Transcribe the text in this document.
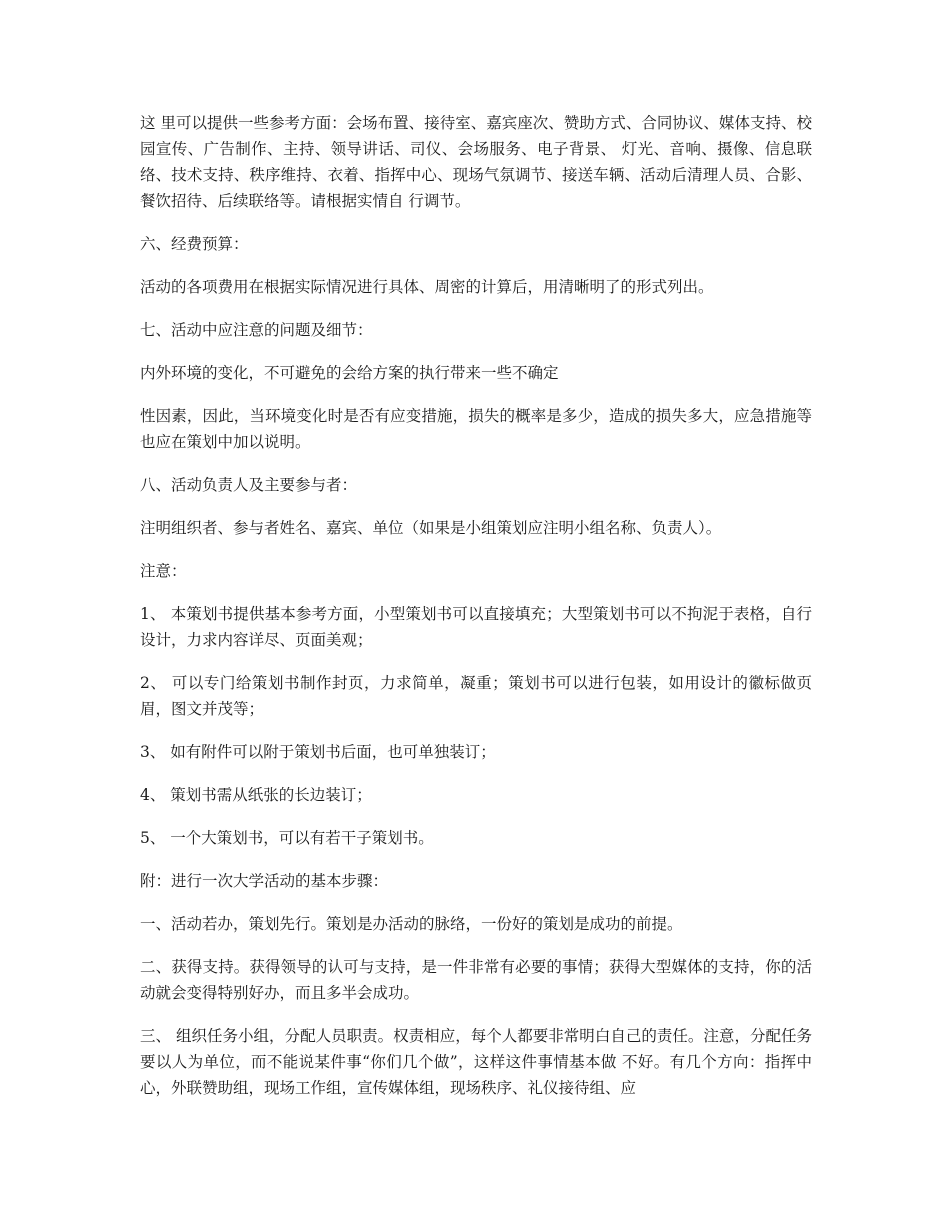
这 里可以提供一些参考方面：会场布置、接待室、嘉宾座次、赞助方式、合同协议、媒体支持、校园宣传、广告制作、主持、领导讲话、司仪、会场服务、电子背景、 灯光、音响、摄像、信息联络、技术支持、秩序维持、衣着、指挥中心、现场气氛调节、接送车辆、活动后清理人员、合影、餐饮招待、后续联络等。请根据实情自 行调节。

六、经费预算：

活动的各项费用在根据实际情况进行具体、周密的计算后，用清晰明了的形式列出。

七、活动中应注意的问题及细节：

内外环境的变化，不可避免的会给方案的执行带来一些不确定

性因素，因此，当环境变化时是否有应变措施，损失的概率是多少，造成的损失多大，应急措施等也应在策划中加以说明。

八、活动负责人及主要参与者：

注明组织者、参与者姓名、嘉宾、单位（如果是小组策划应注明小组名称、负责人）。

注意：

1、 本策划书提供基本参考方面，小型策划书可以直接填充；大型策划书可以不拘泥于表格，自行设计，力求内容详尽、页面美观；

2、 可以专门给策划书制作封页，力求简单，凝重；策划书可以进行包装，如用设计的徽标做页眉，图文并茂等；

3、 如有附件可以附于策划书后面，也可单独装订；

4、 策划书需从纸张的长边装订；

5、 一个大策划书，可以有若干子策划书。

附：进行一次大学活动的基本步骤：

一、活动若办，策划先行。策划是办活动的脉络，一份好的策划是成功的前提。

二、获得支持。获得领导的认可与支持，是一件非常有必要的事情；获得大型媒体的支持，你的活动就会变得特别好办，而且多半会成功。

三、 组织任务小组，分配人员职责。权责相应，每个人都要非常明白自己的责任。注意，分配任务要以人为单位，而不能说某件事“你们几个做”，这样这件事情基本做 不好。有几个方向：指挥中心，外联赞助组，现场工作组，宣传媒体组，现场秩序、礼仪接待组、应
